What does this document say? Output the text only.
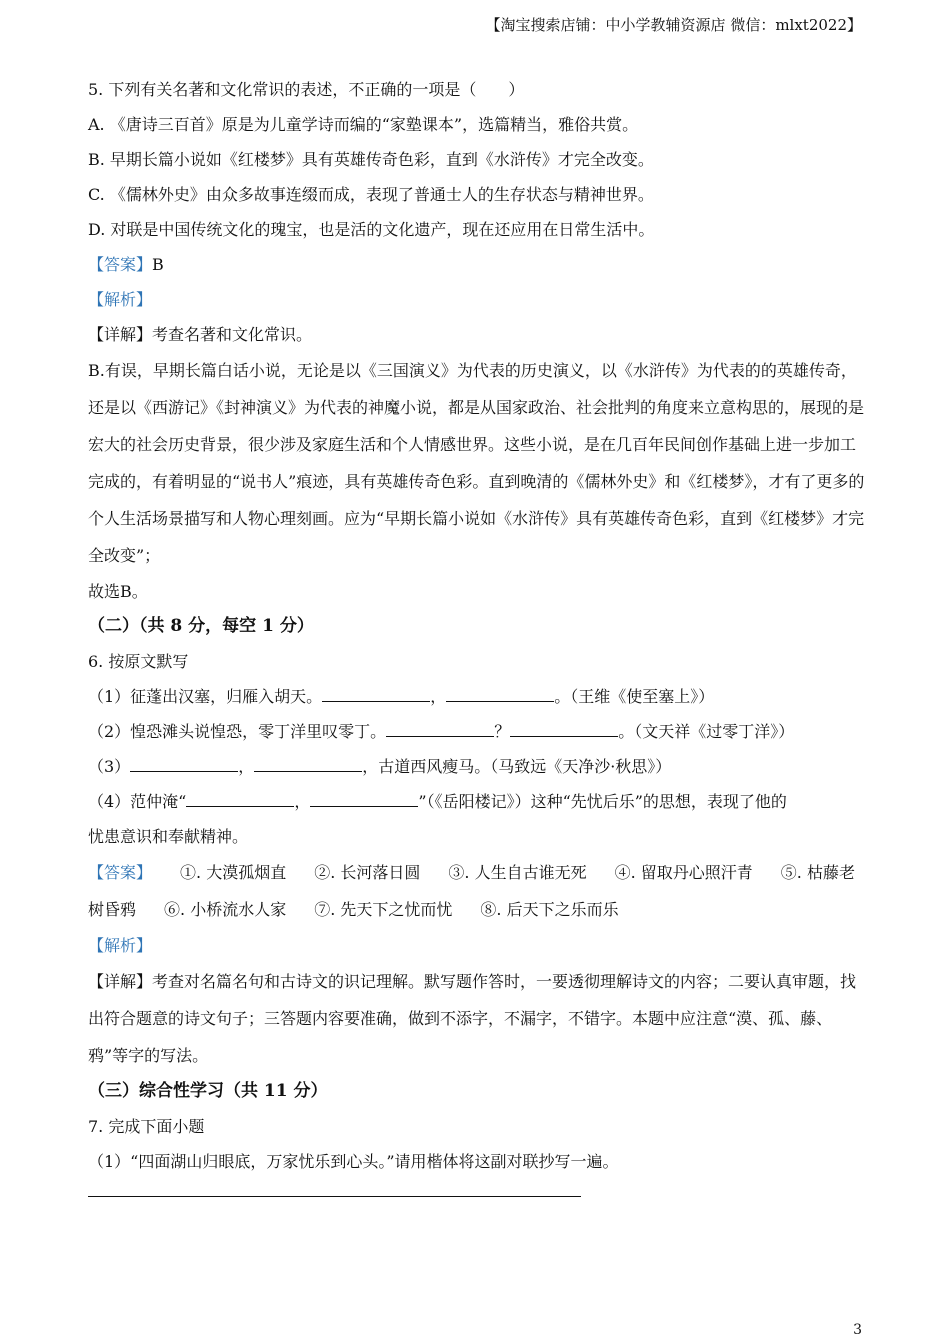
【淘宝搜索店铺：中小学教辅资源店 微信：mlxt2022】
5. 下列有关名著和文化常识的表述，不正确的一项是（　　）
A. 《唐诗三百首》原是为儿童学诗而编的“家塾课本”，选篇精当，雅俗共赏。
B. 早期长篇小说如《红楼梦》具有英雄传奇色彩，直到《水浒传》才完全改变。
C. 《儒林外史》由众多故事连缀而成，表现了普通士人的生存状态与精神世界。
D. 对联是中国传统文化的瑰宝，也是活的文化遗产，现在还应用在日常生活中。
【答案】B
【解析】
【详解】考查名著和文化常识。
B.有误，早期长篇白话小说，无论是以《三国演义》为代表的历史演义，以《水浒传》为代表的的英雄传奇，还是以《西游记》《封神演义》为代表的神魔小说，都是从国家政治、社会批判的角度来立意构思的，展现的是宏大的社会历史背景，很少涉及家庭生活和个人情感世界。这些小说，是在几百年民间创作基础上进一步加工完成的，有着明显的“说书人”痕迹，具有英雄传奇色彩。直到晚清的《儒林外史》和《红楼梦》，才有了更多的个人生活场景描写和人物心理刻画。应为“早期长篇小说如《水浒传》具有英雄传奇色彩，直到《红楼梦》才完全改变”；
故选B。
（二）（共 8 分，每空 1 分）
6. 按原文默写
（1）征蓬出汉塞，归雁入胡天。	，	。（王维《使至塞上》）
（2）惶恐滩头说惶恐，零丁洋里叹零丁。	？	。（文天祥《过零丁洋》）
（3）	，	，古道西风瘦马。（马致远《天净沙·秋思》）
（4）范仲淹“	，	”（《岳阳楼记》）这种“先忧后乐”的思想，表现了他的
忧患意识和奉献精神。
【答案】 ①. 大漠孤烟直 ②. 长河落日圆 ③. 人生自古谁无死 ④. 留取丹心照汗青 ⑤. 枯藤老树昏鸦 ⑥. 小桥流水人家 ⑦. 先天下之忧而忧 ⑧. 后天下之乐而乐
【解析】
【详解】考查对名篇名句和古诗文的识记理解。默写题作答时，一要透彻理解诗文的内容；二要认真审题，找出符合题意的诗文句子；三答题内容要准确，做到不添字，不漏字，不错字。本题中应注意“漠、孤、藤、鸦”等字的写法。
（三）综合性学习（共 11 分）
7. 完成下面小题
（1）“四面湖山归眼底，万家忧乐到心头。”请用楷体将这副对联抄写一遍。
3
